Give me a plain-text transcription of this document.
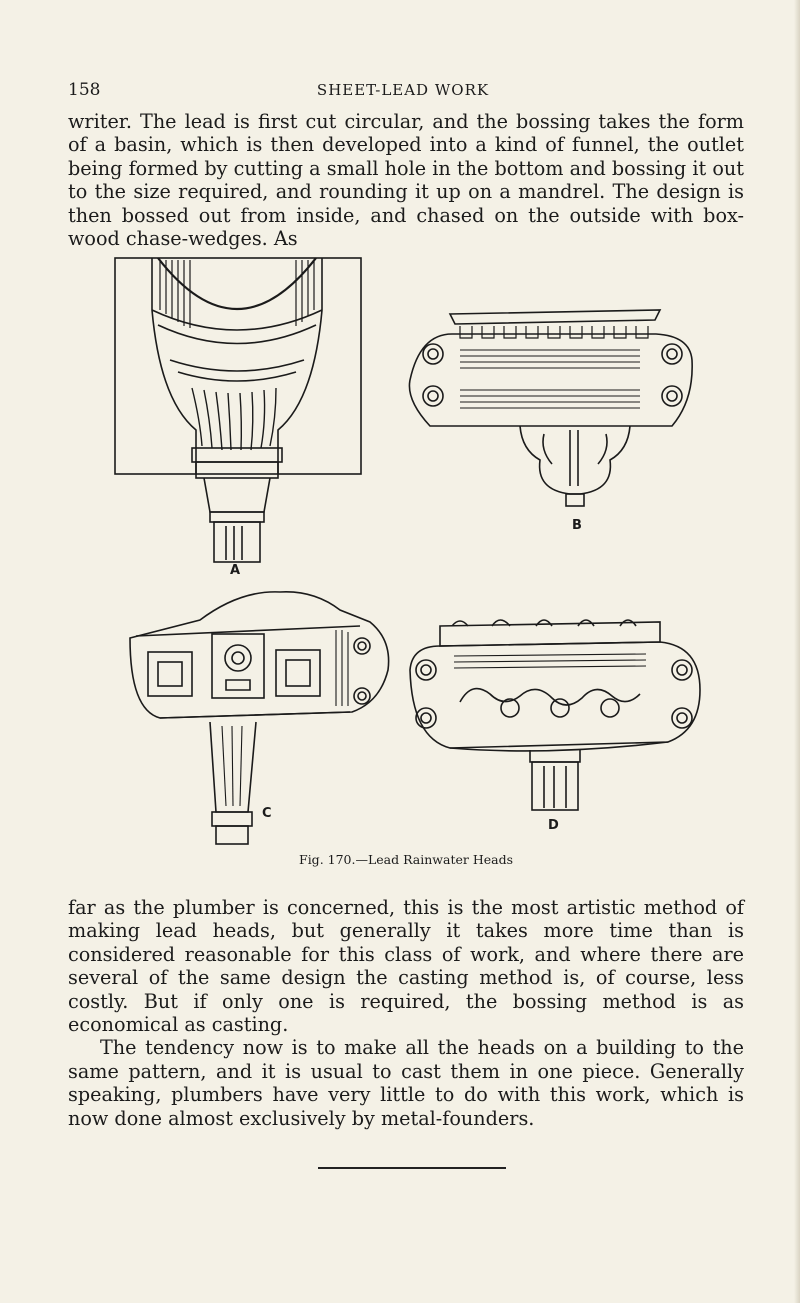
158	SHEET-LEAD WORK

writer. The lead is first cut circular, and the bossing takes the form of a basin, which is then developed into a kind of funnel, the outlet being formed by cutting a small hole in the bottom and bossing it out to the size required, and rounding it up on a mandrel. The design is then bossed out from inside, and chased on the outside with box-wood chase-wedges. As

A
B
C
D
Fig. 170.—Lead Rainwater Heads

far as the plumber is concerned, this is the most artistic method of making lead heads, but generally it takes more time than is considered reasonable for this class of work, and where there are several of the same design the casting method is, of course, less costly. But if only one is required, the bossing method is as economical as casting.

The tendency now is to make all the heads on a building to the same pattern, and it is usual to cast them in one piece. Generally speaking, plumbers have very little to do with this work, which is now done almost exclusively by metal-founders.
